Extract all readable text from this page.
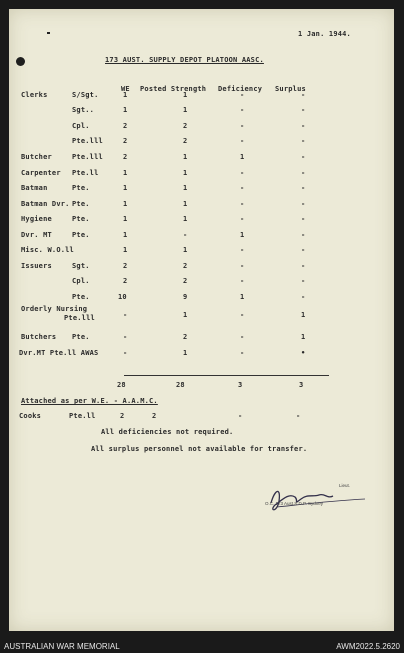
1 Jan. 1944.
173 AUST. SUPPLY DEPOT PLATOON AASC.
WE Posted Strength Deficiency Surplus
Clerks	S/Sgt.	1	1	-	-
Sgt..	1	1	-	-
Cpl.	2	2	-	-
Pte.lll	2	2	-	-
Butcher	Pte.lll	2	1	1	-
Carpenter Pte.ll	1	1	-	-
Batman	Pte.	1	1	-	-
Batman Dvr. Pte.	1	1	-	-
Hygiene	Pte.	1	1	-	-
Dvr. MT	Pte.	1	-	1	-
Misc. W.O.ll	1	1	-	-
Issuers	Sgt.	2	2	-	-
Cpl.	2	2	-	-
Pte.	10	9	1	-
Orderly Nursing
Pte.lll	-	1	-	1
Butchers Pte.	-	2	-	1
Dvr.MT Pte.ll AWAS	-	1	-	•
28	28	3	3
Attached as per W.E. - A.A.M.C.
Cooks	Pte.ll	2	2	-	-
All deficiencies not required.
All surplus personnel not available for transfer.
Lieut.
O.C. 173 Aust.S.D.P. Sydney
AUSTRALIAN WAR MEMORIAL	AWM2022.5.2620
